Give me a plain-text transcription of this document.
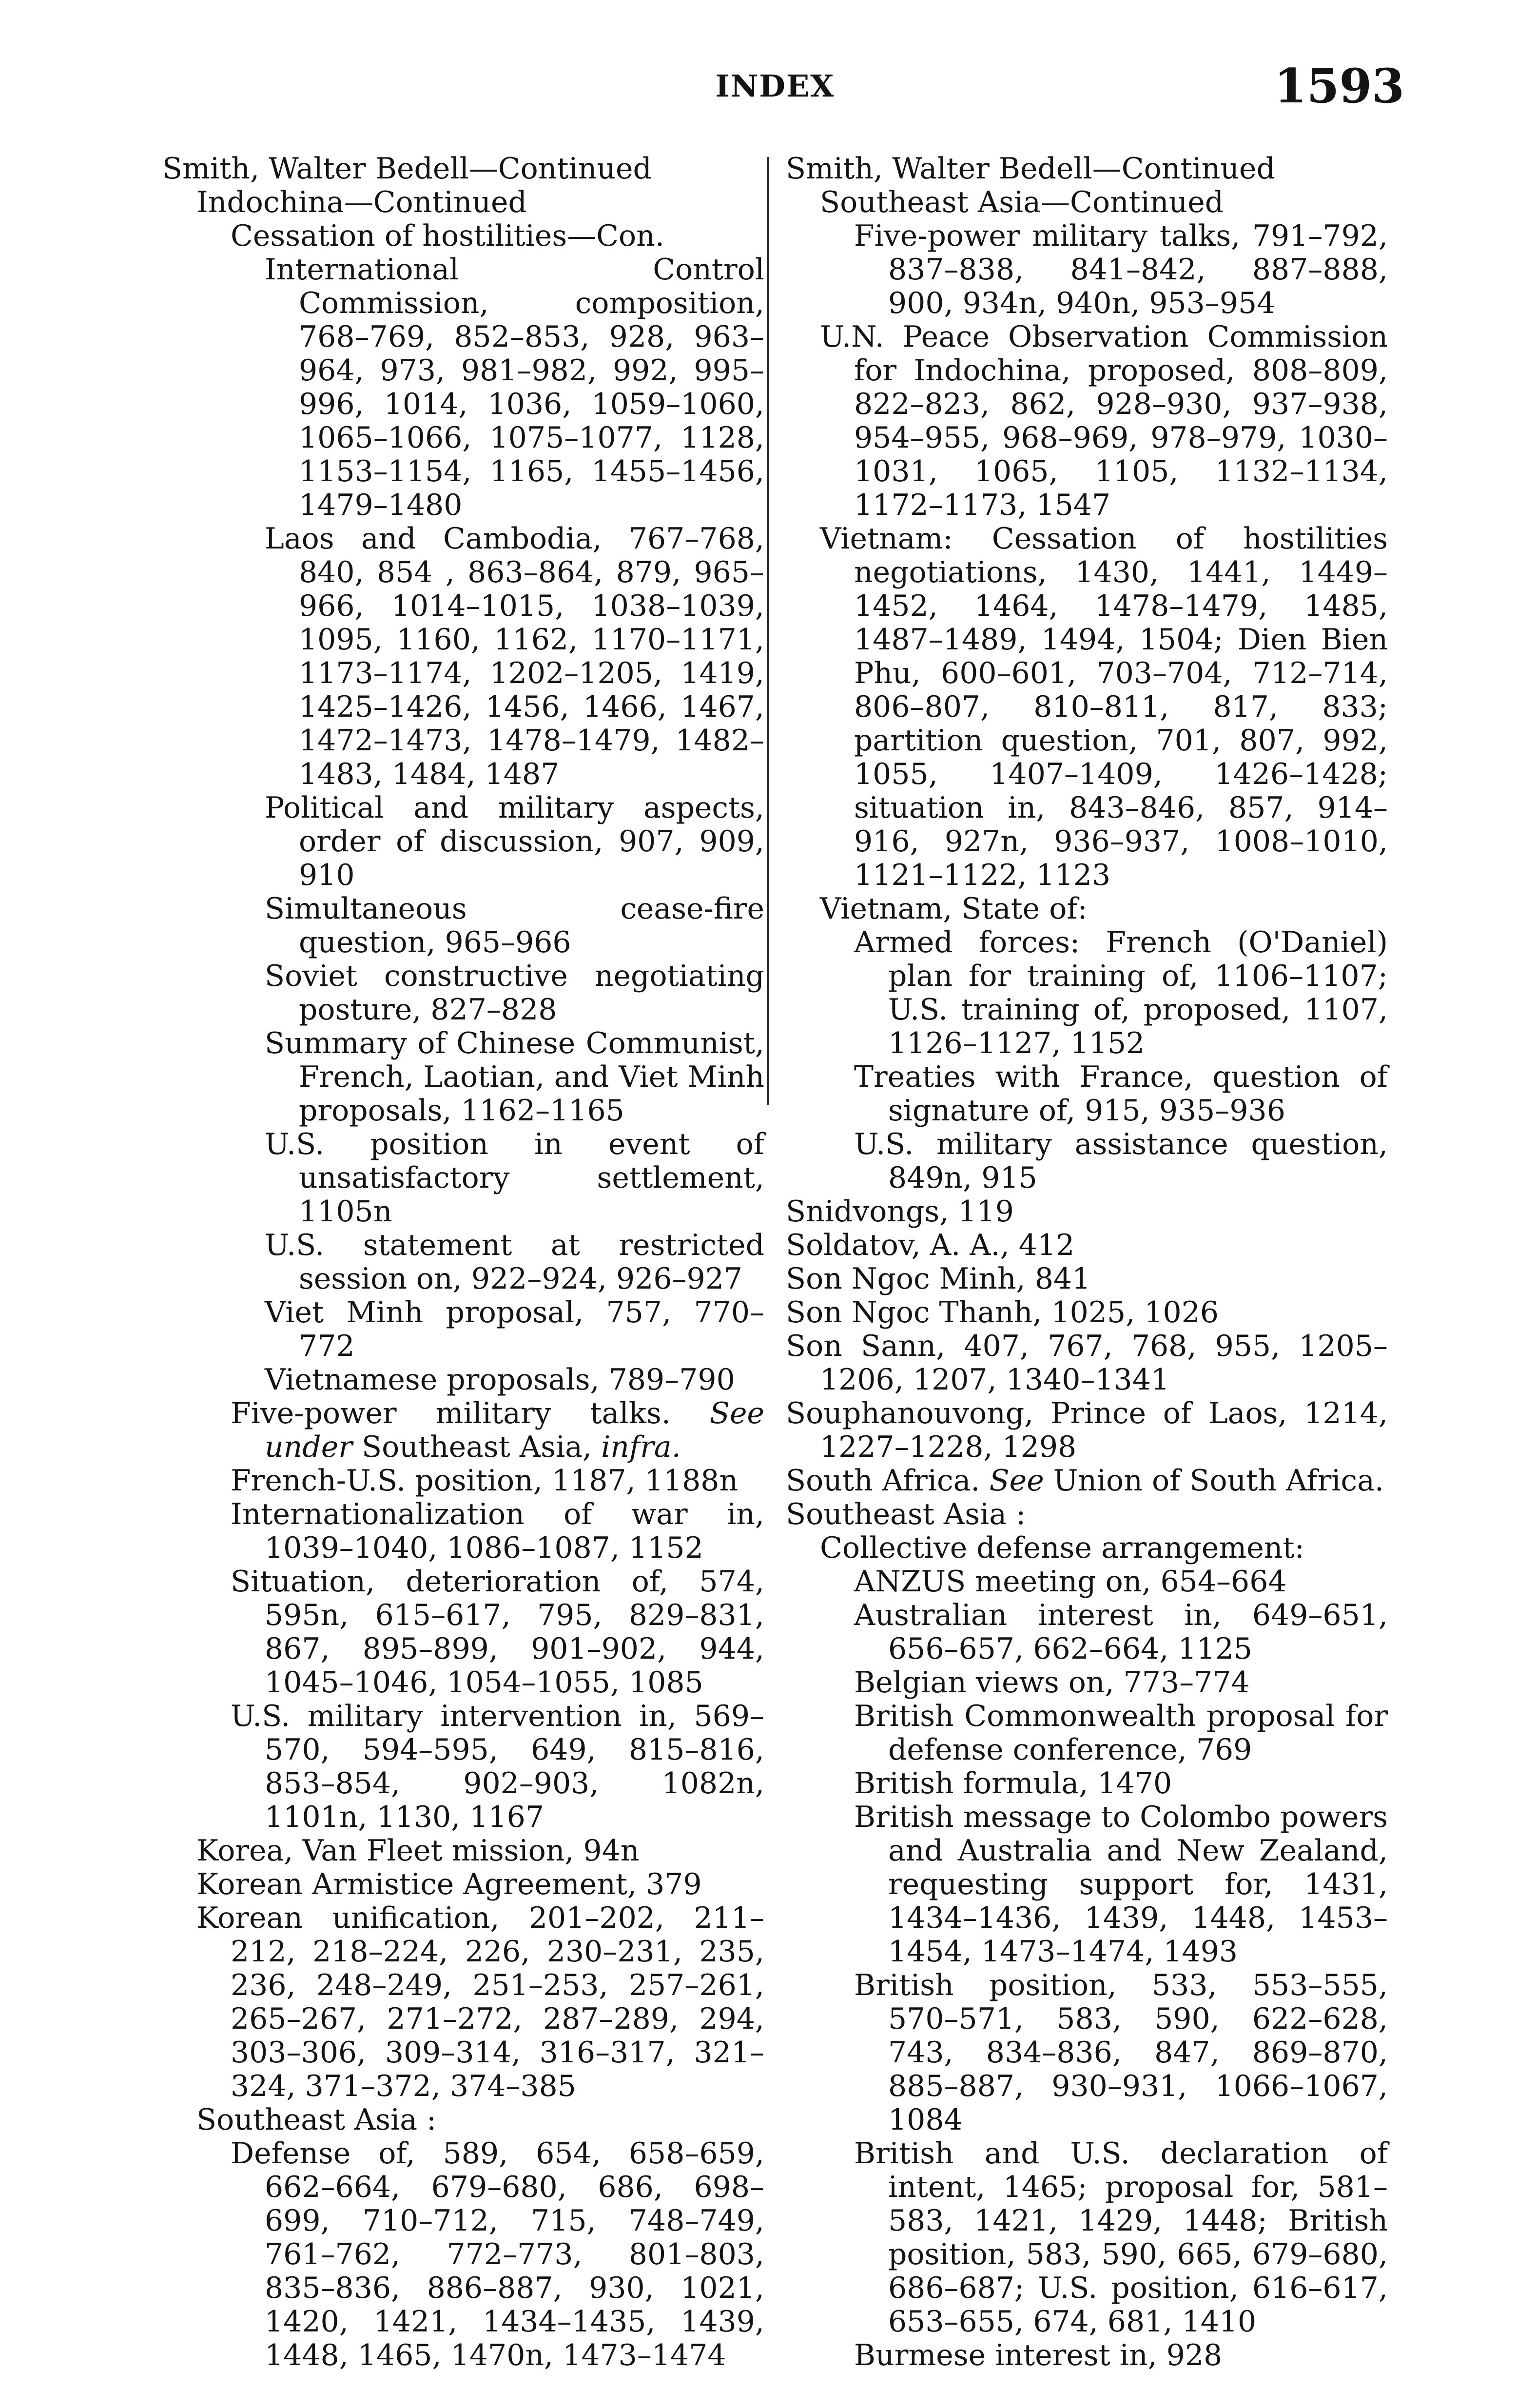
INDEX	1593
Smith, Walter Bedell—Continued
Indochina—Continued
Cessation of hostilities—Con.
International Control Commission, composition, 768–769, 852–853, 928, 963–964, 973, 981–982, 992, 995–996, 1014, 1036, 1059–1060, 1065–1066, 1075–1077, 1128, 1153–1154, 1165, 1455–1456, 1479–1480
Laos and Cambodia, 767–768, 840, 854 , 863–864, 879, 965–966, 1014–1015, 1038–1039, 1095, 1160, 1162, 1170–1171, 1173–1174, 1202–1205, 1419, 1425–1426, 1456, 1466, 1467, 1472–1473, 1478–1479, 1482–1483, 1484, 1487
Political and military aspects, order of discussion, 907, 909, 910
Simultaneous cease-fire question, 965–966
Soviet constructive negotiating posture, 827–828
Summary of Chinese Communist, French, Laotian, and Viet Minh proposals, 1162–1165
U.S. position in event of unsatisfactory settlement, 1105n
U.S. statement at restricted session on, 922–924, 926–927
Viet Minh proposal, 757, 770–772
Vietnamese proposals, 789–790
Five-power military talks. See under Southeast Asia, infra.
French-U.S. position, 1187, 1188n
Internationalization of war in, 1039–1040, 1086–1087, 1152
Situation, deterioration of, 574, 595n, 615–617, 795, 829–831, 867, 895–899, 901–902, 944, 1045–1046, 1054–1055, 1085
U.S. military intervention in, 569–570, 594–595, 649, 815–816, 853–854, 902–903, 1082n, 1101n, 1130, 1167
Korea, Van Fleet mission, 94n
Korean Armistice Agreement, 379
Korean unification, 201–202, 211–212, 218–224, 226, 230–231, 235, 236, 248–249, 251–253, 257–261, 265–267, 271–272, 287–289, 294, 303–306, 309–314, 316–317, 321–324, 371–372, 374–385
Southeast Asia :
Defense of, 589, 654, 658–659, 662–664, 679–680, 686, 698–699, 710–712, 715, 748–749, 761–762, 772–773, 801–803, 835–836, 886–887, 930, 1021, 1420, 1421, 1434–1435, 1439, 1448, 1465, 1470n, 1473–1474
Smith, Walter Bedell—Continued
Southeast Asia—Continued
Five-power military talks, 791–792, 837–838, 841–842, 887–888, 900, 934n, 940n, 953–954
U.N. Peace Observation Commission for Indochina, proposed, 808–809, 822–823, 862, 928–930, 937–938, 954–955, 968–969, 978–979, 1030–1031, 1065, 1105, 1132–1134, 1172–1173, 1547
Vietnam: Cessation of hostilities negotiations, 1430, 1441, 1449–1452, 1464, 1478–1479, 1485, 1487–1489, 1494, 1504; Dien Bien Phu, 600–601, 703–704, 712–714, 806–807, 810–811, 817, 833; partition question, 701, 807, 992, 1055, 1407–1409, 1426–1428; situation in, 843–846, 857, 914–916, 927n, 936–937, 1008–1010, 1121–1122, 1123
Vietnam, State of:
Armed forces: French (O'Daniel) plan for training of, 1106–1107; U.S. training of, proposed, 1107, 1126–1127, 1152
Treaties with France, question of signature of, 915, 935–936
U.S. military assistance question, 849n, 915
Snidvongs, 119
Soldatov, A. A., 412
Son Ngoc Minh, 841
Son Ngoc Thanh, 1025, 1026
Son Sann, 407, 767, 768, 955, 1205–1206, 1207, 1340–1341
Souphanouvong, Prince of Laos, 1214, 1227–1228, 1298
South Africa. See Union of South Africa.
Southeast Asia :
Collective defense arrangement:
ANZUS meeting on, 654–664
Australian interest in, 649–651, 656–657, 662–664, 1125
Belgian views on, 773–774
British Commonwealth proposal for defense conference, 769
British formula, 1470
British message to Colombo powers and Australia and New Zealand, requesting support for, 1431, 1434–1436, 1439, 1448, 1453–1454, 1473–1474, 1493
British position, 533, 553–555, 570–571, 583, 590, 622–628, 743, 834–836, 847, 869–870, 885–887, 930–931, 1066–1067, 1084
British and U.S. declaration of intent, 1465; proposal for, 581–583, 1421, 1429, 1448; British position, 583, 590, 665, 679–680, 686–687; U.S. position, 616–617, 653–655, 674, 681, 1410
Burmese interest in, 928
